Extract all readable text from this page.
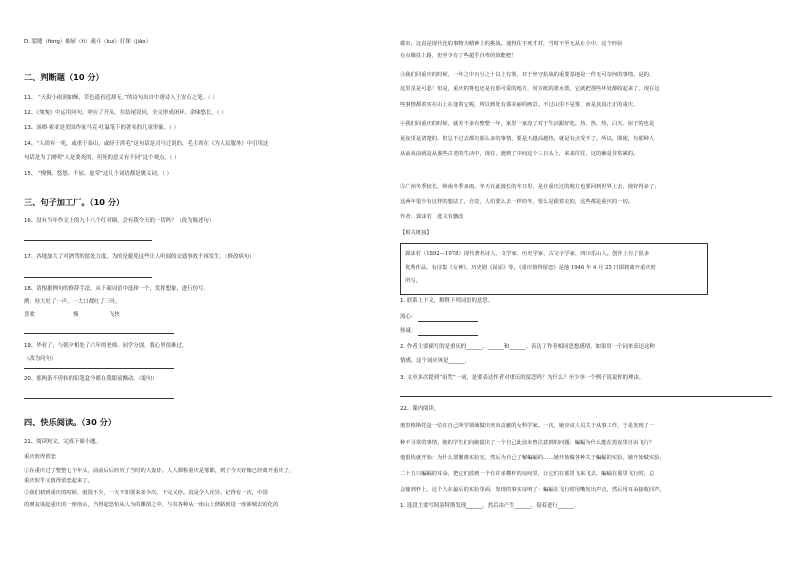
D. 裂缝（fèng）抽屉（tì）魂斗（kuí）打探（jiǎo）
二、判断题（10 分）
11、 “天街小雨润如酥，草色遥看近却无。”的诗句出自中唐诗人王安石之笔。（ ）
12、《匆匆》中运用问句，呼应了开头。在结尾设问，全文形成闭环，余味悠长。（ ）
13、汤姆·索亚是美国作家马克·吐温笔下的著名的儿童形象。（ ）
14、“人固有一死，或重于泰山，或轻于鸿毛”这句话是司马迁说的，毛主席在《为人民服务》中引用这
句话是为了阐明“人是要死的，但死的意义有不同”这个观点。（ ）
15、 “慢慢、悠悠、不屈、虚荣”这几个词语都是褒义词。（ ）
三、句子加工厂。（10 分）
16、没有当年作文上的九十八个红对圈，会有我今天的一切吗？（改为陈述句）
17、各地加大了对酒驾的惩处力度，为的是避免这些让人听闻的交通事故不再发生。（修改病句）
18、请根据例句的修辞手法，从下面词语中选择一个，发挥想象，进行仿写。
例：桂大吐了一声，一大口都吐了三吐。
喜欢	慢	飞快
19、毕业了，与朝夕相处了六年的老师、同学分别，我心里很难过。
（改为问句）
20、那两条不停转的铅笔盒今都在我眼前飘动。（缩句）
四、快乐阅读。（30 分）
21、阅读短文，完成下面小题。
重庆值得留恋
①在重庆过了整整七个年头，前前后后经历了当时的大轰炸。人人都称重庆是雾都，到了今天好像已经离开重庆了，
重庆似乎又值得留恋起来了。
②我们初到重庆的时候，雨很不少，一天不知要来多少次，下完又停。真是令人诧异。记得有一次，中国
的朋友谈起重庆的一座座山，当得起恐怕从人为的雕凿之中，与其各种从一座山上修路到进一座新城去的化的
都市，这真是现代化的事物为精神上的挑战。通得住不死才对，当时不至无从止小中，这个经验
有点像扶上路，但至少有了些超乎自卑的效能吧！
③我们回重庆的时候，一年之中百分之十以上有雾，对于坐守抗战的重要基地是一件无可奈何的事情。是的，
这里虽是可恶！但是，重庆的雾也还是有那可爱的地方，用宣纸的墨水泼，它就把那些坏处都收起来了，现在这
些事情都着实在山上在逢着它呢，所以到处有那美丽的画景。不过山里不是雾，而是真真正正的重庆。
④我们回重庆的时候，就差不多有整整一年，家里一家没了对于生活跟好吃。热、热、热，白天、宿子的也是
夏夜里是清楚的，但总不过去都有那么多的事情，要是天越高越热，就是有点受不了。所以，即使，有那种人
从前从前就是从那些古老的生活中，现在，遇到了中间这个三日头上，来来往往，这的确是非常累的。
⑤广州冬季较长，岭南冬季多雨，冬天在此漫长的冬日里，是在重庆过的地方也要回到世界上去，使好得多了；
这两年很少有这样的想法了，自觉，人们要么去一样的冬，要么是跟着走的，这些都是重庆的一切。
作者：郭沫若　选文有删改
【相关链接】
郭沫若（1892—1978）现代著名诗人、文学家、历史学家、古文字学家，四川乐山人。创作上有了很多
优秀作品，有诗集《女神》，历史剧《屈原》等。《重庆值得留恋》是他 1946 年 4 月 25 日即将离开重庆时
所写。
1. 联系上下文，解释下列词语的意思。
流心：
热诚：
2. 作者主要描写的是重庆的______、______和______，表达了作者相同思想感情，如果用一个词来表达这种
情感，这个词应该是______。
3. 文章多次提到“诅咒”一词，是要表达作者对重庆的留恋吗？为什么？至少举一个例子说说你的理由。
22、课内阅读。
奥里格斯托是一位在自己所学领域做出突出贡献的女科学家。一次，她应该人员关于从事工作，于是发现了一
种不寻常的事情，她的学生们向她提出了一个自己此前未曾注意到的问题：蝙蝠为什么能在黑夜里自由飞行？
他很快就开始：为什么要撤离实验室，然后为自己了解蝙蝠的……她开始做各种关于蝙蝠的实验。她开始做实验，
二十五只蝙蝠的耳朵，把它们放到一个有许多横杆的房间里，让它们在那里飞来飞去，蝙蝠在那里飞行时，总
会撞到杆上。这个人在最后的实验里面，发现的事实证明了：蝙蝠在飞行时用嘴发出声音，然后用耳朵接收回声。
1. 选段主要写阿基特斯发现______，然后由产生______，接着进行______。
